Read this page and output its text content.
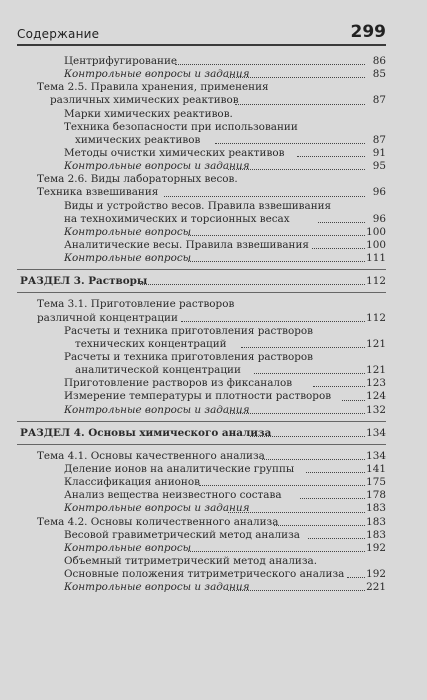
Содержание	299
Центрифугирование	86
Контрольные вопросы и задания	85
Тема 2.5. Правила хранения, применения
различных химических реактивов	87
Марки химических реактивов.
Техника безопасности при использовании
химических реактивов	87
Методы очистки химических реактивов	91
Контрольные вопросы и задания	95
Тема 2.6. Виды лабораторных весов.
Техника взвешивания	96
Виды и устройство весов. Правила взвешивания
на технохимических и торсионных весах	96
Контрольные вопросы	100
Аналитические весы. Правила взвешивания	100
Контрольные вопросы	111
РАЗДЕЛ 3. Растворы	112
Тема 3.1. Приготовление растворов
различной концентрации	112
Расчеты и техника приготовления растворов
технических концентраций	121
Расчеты и техника приготовления растворов
аналитической концентрации	121
Приготовление растворов из фиксаналов	123
Измерение температуры и плотности растворов	124
Контрольные вопросы и задания	132
РАЗДЕЛ 4. Основы химического анализа	134
Тема 4.1. Основы качественного анализа	134
Деление ионов на аналитические группы	141
Классификация анионов	175
Анализ вещества неизвестного состава	178
Контрольные вопросы и задания	183
Тема 4.2. Основы количественного анализа	183
Весовой гравиметрический метод анализа	183
Контрольные вопросы	192
Объемный титриметрический метод анализа.
Основные положения титриметрического анализа 192
Контрольные вопросы и задания	221
